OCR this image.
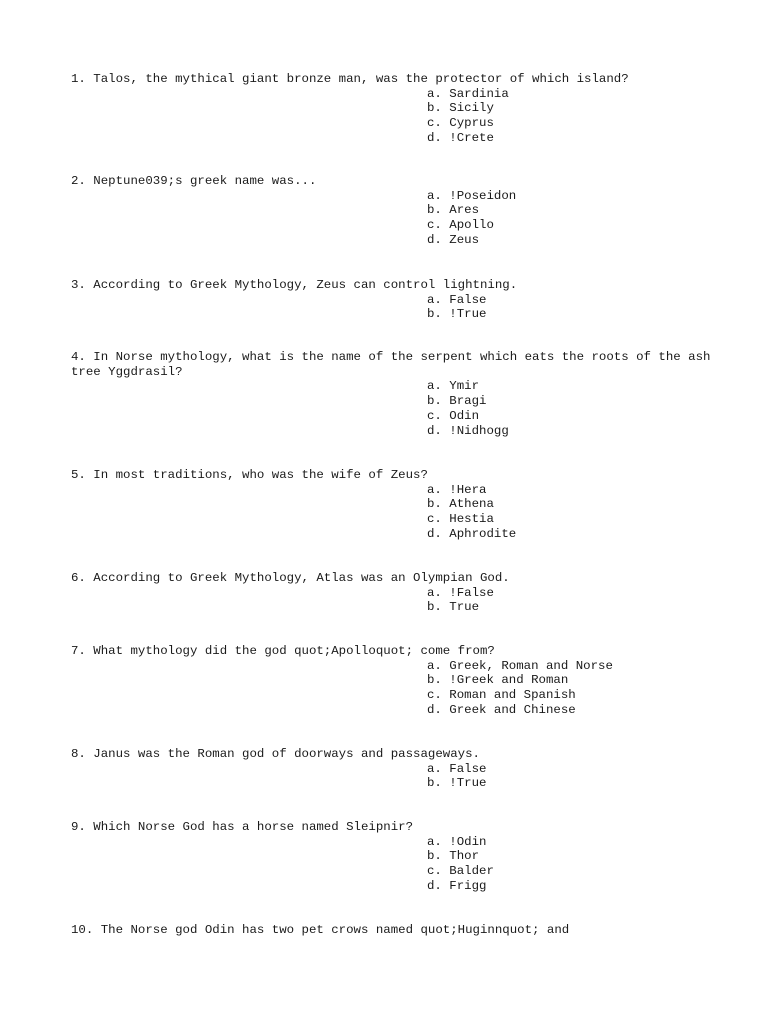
1. Talos, the mythical giant bronze man, was the protector of which island?
a. Sardinia
b. Sicily
c. Cyprus
d. !Crete
2. Neptune039;s greek name was...
a. !Poseidon
b. Ares
c. Apollo
d. Zeus
3. According to Greek Mythology, Zeus can control lightning.
a. False
b. !True
4. In Norse mythology, what is the name of the serpent which eats the roots of the ash tree Yggdrasil?
a. Ymir
b. Bragi
c. Odin
d. !Nidhogg
5. In most traditions, who was the wife of Zeus?
a. !Hera
b. Athena
c. Hestia
d. Aphrodite
6. According to Greek Mythology, Atlas was an Olympian God.
a. !False
b. True
7. What mythology did the god quot;Apolloquot; come from?
a. Greek, Roman and Norse
b. !Greek and Roman
c. Roman and Spanish
d. Greek and Chinese
8. Janus was the Roman god of doorways and passageways.
a. False
b. !True
9. Which Norse God has a horse named Sleipnir?
a. !Odin
b. Thor
c. Balder
d. Frigg
10. The Norse god Odin has two pet crows named quot;Huginnquot; and
